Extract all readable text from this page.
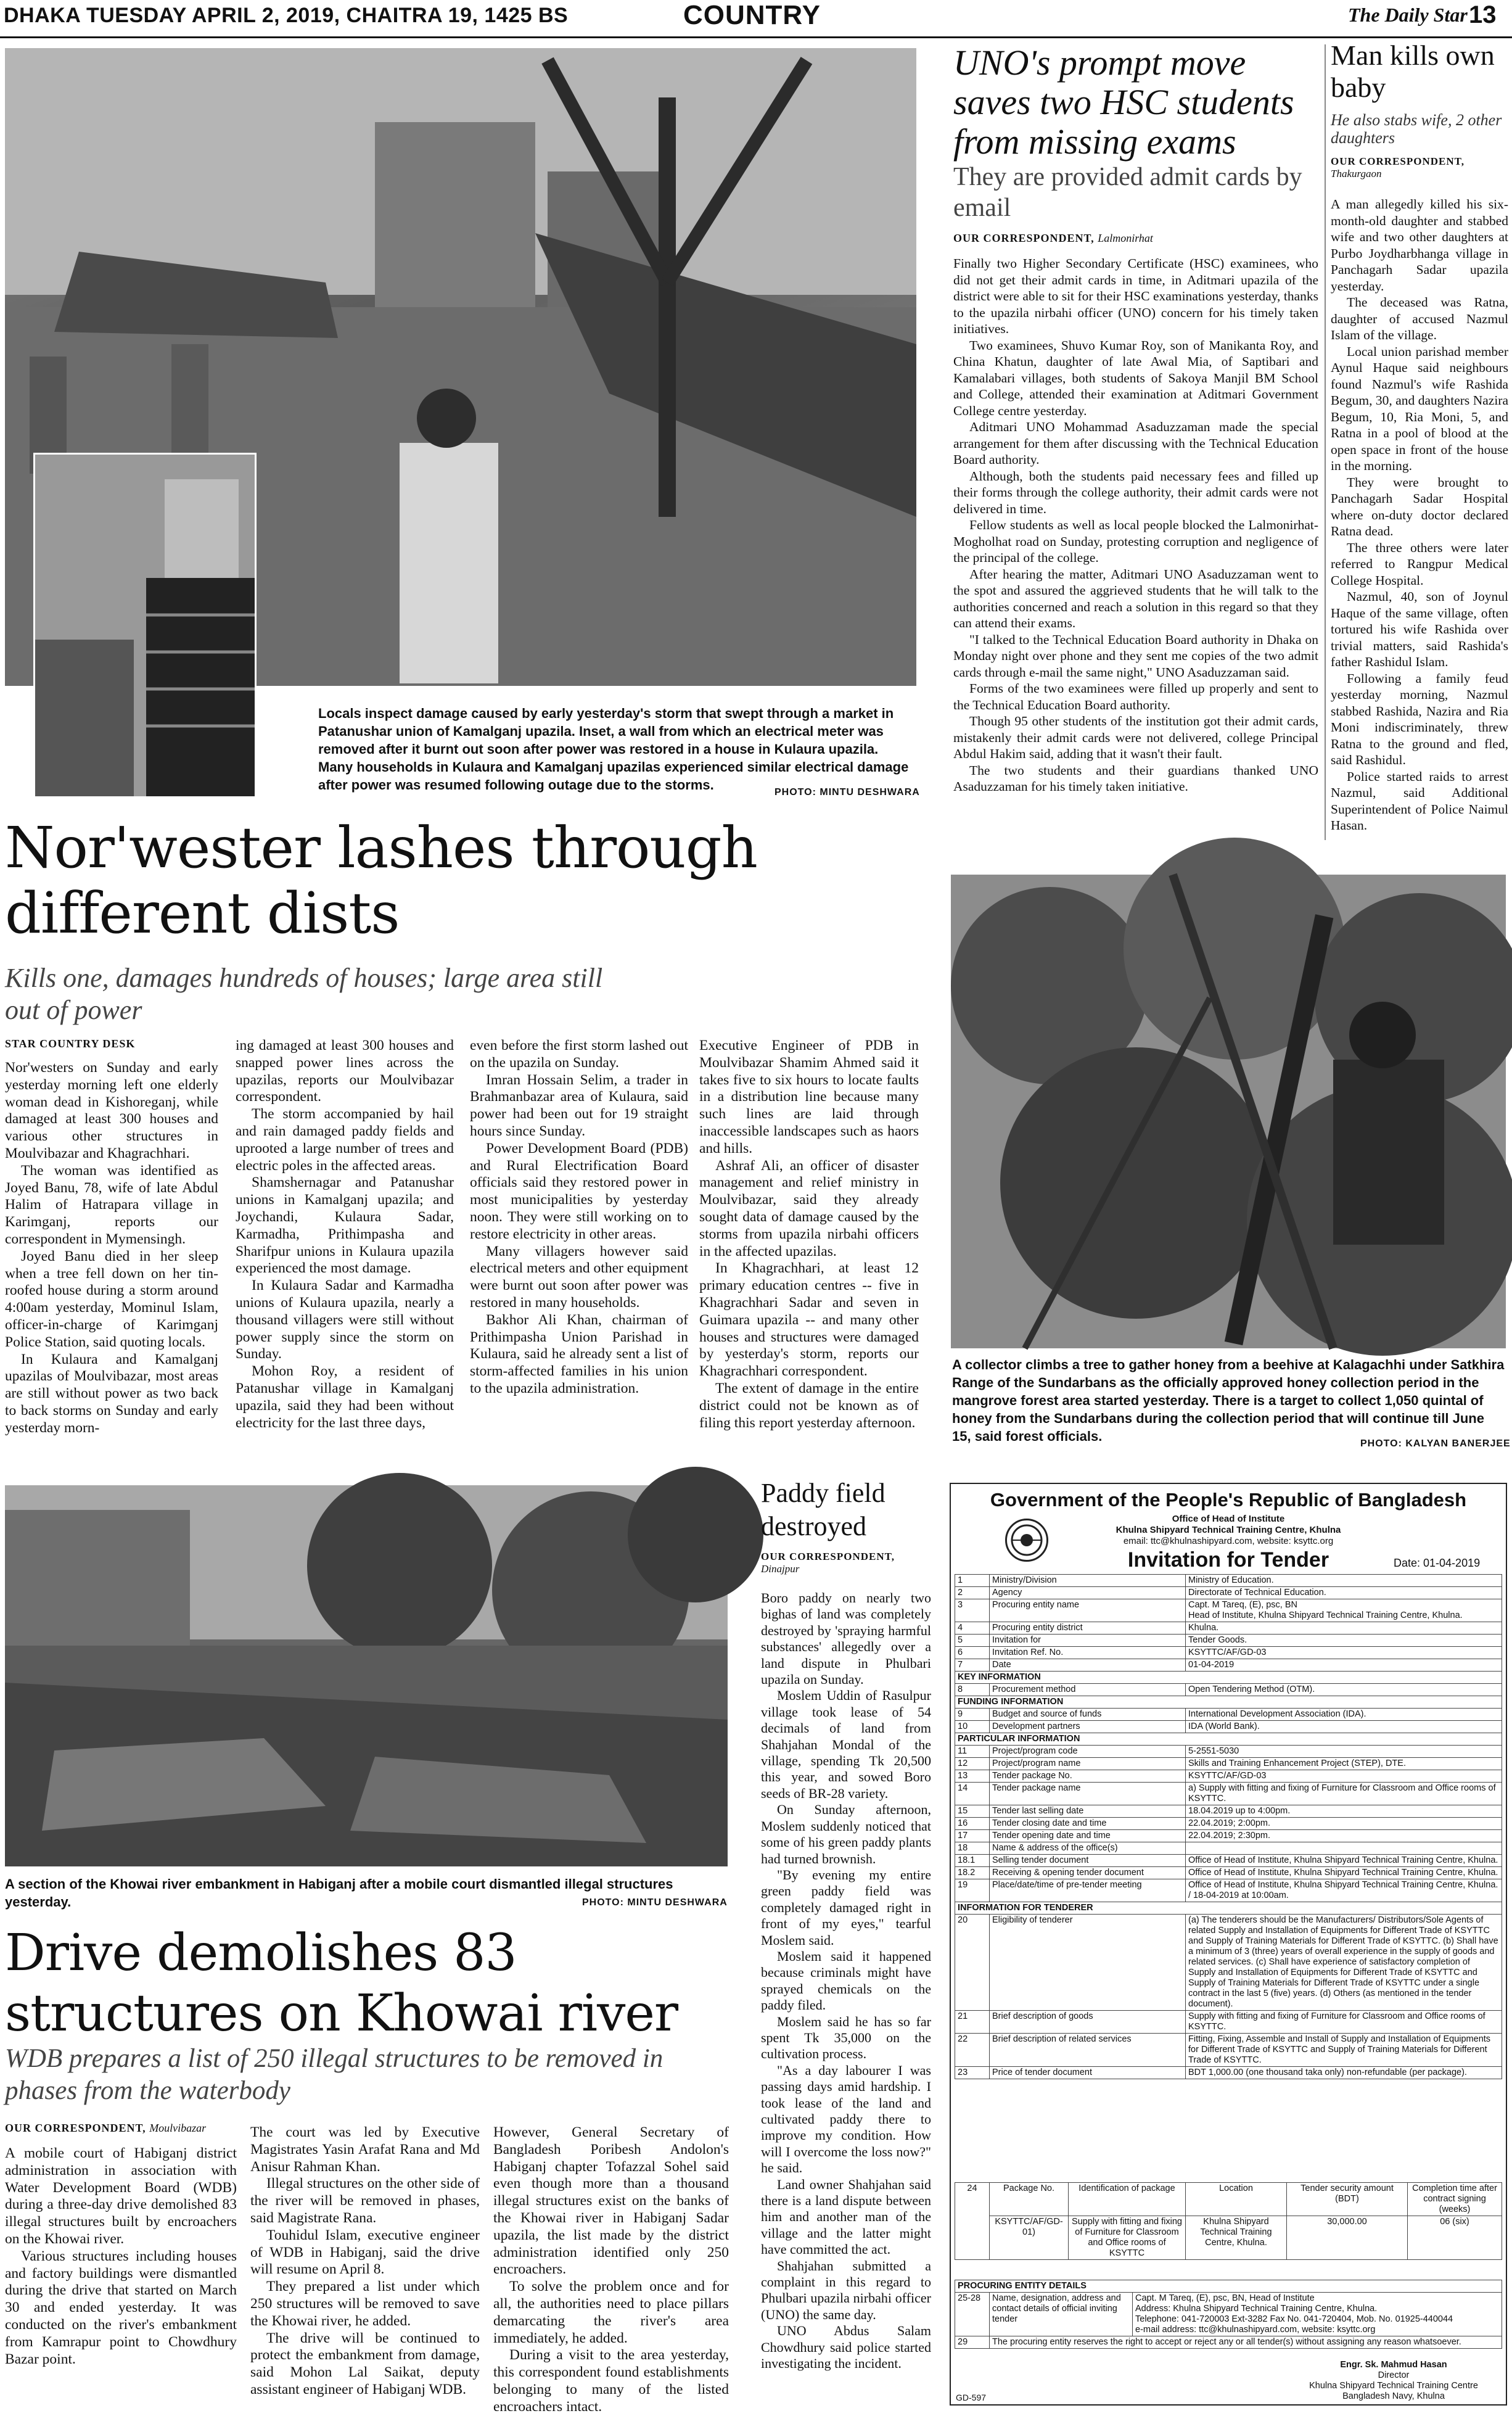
DHAKA TUESDAY APRIL 2, 2019, CHAITRA 19, 1425 BS	COUNTRY	The Daily Star 13
Locals inspect damage caused by early yesterday's storm that swept through a market in Patanushar union of Kamalganj upazila. Inset, a wall from which an electrical meter was removed after it burnt out soon after power was restored in a house in Kulaura upazila. Many households in Kulaura and Kamalganj upazilas experienced similar electrical damage after power was resumed following outage due to the storms.	PHOTO: MINTU DESHWARA
Nor'wester lashes through different dists
Kills one, damages hundreds of houses; large area still out of power
STAR COUNTRY DESK

Nor'westers on Sunday and early yesterday morning left one elderly woman dead in Kishoreganj, while damaged at least 300 houses and various other structures in Moulvibazar and Khagrachhari.

The woman was identified as Joyed Banu, 78, wife of late Abdul Halim of Hatrapara village in Karimganj, reports our correspondent in Mymensingh.

Joyed Banu died in her sleep when a tree fell down on her tin-roofed house during a storm around 4:00am yesterday, Mominul Islam, officer-in-charge of Karimganj Police Station, said quoting locals.

In Kulaura and Kamalganj upazilas of Moulvibazar, most areas are still without power as two back to back storms on Sunday and early yesterday morn-

ing damaged at least 300 houses and snapped power lines across the upazilas, reports our Moulvibazar correspondent.

The storm accompanied by hail and rain damaged paddy fields and uprooted a large number of trees and electric poles in the affected areas.

Shamshernagar and Patanushar unions in Kamalganj upazila; and Joychandi, Kulaura Sadar, Karmadha, Prithimpasha and Sharifpur unions in Kulaura upazila experienced the most damage.

In Kulaura Sadar and Karmadha unions of Kulaura upazila, nearly a thousand villagers were still without power supply since the storm on Sunday.

Mohon Roy, a resident of Patanushar village in Kamalganj upazila, said they had been without electricity for the last three days,

even before the first storm lashed out on the upazila on Sunday.

Imran Hossain Selim, a trader in Brahmanbazar area of Kulaura, said power had been out for 19 straight hours since Sunday.

Power Development Board (PDB) and Rural Electrification Board officials said they restored power in most municipalities by yesterday noon. They were still working on to restore electricity in other areas.

Many villagers however said electrical meters and other equipment were burnt out soon after power was restored in many households.

Bakhor Ali Khan, chairman of Prithimpasha Union Parishad in Kulaura, said he already sent a list of storm-affected families in his union to the upazila administration.

Executive Engineer of PDB in Moulvibazar Shamim Ahmed said it takes five to six hours to locate faults in a distribution line because many such lines are laid through inaccessible landscapes such as haors and hills.

Ashraf Ali, an officer of disaster management and relief ministry in Moulvibazar, said they already sought data of damage caused by the storms from upazila nirbahi officers in the affected upazilas.

In Khagrachhari, at least 12 primary education centres -- five in Khagrachhari Sadar and seven in Guimara upazila -- and many other houses and structures were damaged by yesterday's storm, reports our Khagrachhari correspondent.

The extent of damage in the entire district could not be known as of filing this report yesterday afternoon.

UNO's prompt move saves two HSC students from missing exams
They are provided admit cards by email
OUR CORRESPONDENT, Lalmonirhat

Finally two Higher Secondary Certificate (HSC) examinees, who did not get their admit cards in time, in Aditmari upazila of the district were able to sit for their HSC examinations yesterday, thanks to the upazila nirbahi officer (UNO) concern for his timely taken initiatives.

Two examinees, Shuvo Kumar Roy, son of Manikanta Roy, and China Khatun, daughter of late Awal Mia, of Saptibari and Kamalabari villages, both students of Sakoya Manjil BM School and College, attended their examination at Aditmari Government College centre yesterday.

Aditmari UNO Mohammad Asaduzzaman made the special arrangement for them after discussing with the Technical Education Board authority.

Although, both the students paid necessary fees and filled up their forms through the college authority, their admit cards were not delivered in time.

Fellow students as well as local people blocked the Lalmonirhat-Mogholhat road on Sunday, protesting corruption and negligence of the principal of the college.

After hearing the matter, Aditmari UNO Asaduzzaman went to the spot and assured the aggrieved students that he will talk to the authorities concerned and reach a solution in this regard so that they can attend their exams.

"I talked to the Technical Education Board authority in Dhaka on Monday night over phone and they sent me copies of the two admit cards through e-mail the same night," UNO Asaduzzaman said.

Forms of the two examinees were filled up properly and sent to the Technical Education Board authority.

Though 95 other students of the institution got their admit cards, mistakenly their admit cards were not delivered, college Principal Abdul Hakim said, adding that it wasn't their fault.

The two students and their guardians thanked UNO Asaduzzaman for his timely taken initiative.

Man kills own baby
He also stabs wife, 2 other daughters
OUR CORRESPONDENT,
Thakurgaon

A man allegedly killed his six-month-old daughter and stabbed wife and two other daughters at Purbo Joydharbhanga village in Panchagarh Sadar upazila yesterday.

The deceased was Ratna, daughter of accused Nazmul Islam of the village.

Local union parishad member Aynul Haque said neighbours found Nazmul's wife Rashida Begum, 30, and daughters Nazira Begum, 10, Ria Moni, 5, and Ratna in a pool of blood at the open space in front of the house in the morning.

They were brought to Panchagarh Sadar Hospital where on-duty doctor declared Ratna dead.

The three others were later referred to Rangpur Medical College Hospital.

Nazmul, 40, son of Joynul Haque of the same village, often tortured his wife Rashida over trivial matters, said Rashida's father Rashidul Islam.

Following a family feud yesterday morning, Nazmul stabbed Rashida, Nazira and Ria Moni indiscriminately, threw Ratna to the ground and fled, said Rashidul.

Police started raids to arrest Nazmul, said Additional Superintendent of Police Naimul Hasan.

A collector climbs a tree to gather honey from a beehive at Kalagachhi under Satkhira Range of the Sundarbans as the officially approved honey collection period in the mangrove forest area started yesterday. There is a target to collect 1,050 quintal of honey from the Sundarbans during the collection period that will continue till June 15, said forest officials.	PHOTO: KALYAN BANERJEE
A section of the Khowai river embankment in Habiganj after a mobile court dismantled illegal structures yesterday.	PHOTO: MINTU DESHWARA
Drive demolishes 83 structures on Khowai river
WDB prepares a list of 250 illegal structures to be removed in phases from the waterbody
OUR CORRESPONDENT, Moulvibazar

A mobile court of Habiganj district administration in association with Water Development Board (WDB) during a three-day drive demolished 83 illegal structures built by encroachers on the Khowai river.

Various structures including houses and factory buildings were dismantled during the drive that started on March 30 and ended yesterday. It was conducted on the river's embankment from Kamrapur point to Chowdhury Bazar point.

The court was led by Executive Magistrates Yasin Arafat Rana and Md Anisur Rahman Khan.

Illegal structures on the other side of the river will be removed in phases, said Magistrate Rana.

Touhidul Islam, executive engineer of WDB in Habiganj, said the drive will resume on April 8.

They prepared a list under which 250 structures will be removed to save the Khowai river, he added.

The drive will be continued to protect the embankment from damage, said Mohon Lal Saikat, deputy assistant engineer of Habiganj WDB.

However, General Secretary of Bangladesh Poribesh Andolon's Habiganj chapter Tofazzal Sohel said even though more than a thousand illegal structures exist on the banks of the Khowai river in Habiganj Sadar upazila, the list made by the district administration identified only 250 encroachers.

To solve the problem once and for all, the authorities need to place pillars demarcating the river's area immediately, he added.

During a visit to the area yesterday, this correspondent found establishments belonging to many of the listed encroachers intact.

Paddy field destroyed
OUR CORRESPONDENT,
Dinajpur

Boro paddy on nearly two bighas of land was completely destroyed by 'spraying harmful substances' allegedly over a land dispute in Phulbari upazila on Sunday.

Moslem Uddin of Rasulpur village took lease of 54 decimals of land from Shahjahan Mondal of the village, spending Tk 20,500 this year, and sowed Boro seeds of BR-28 variety.

On Sunday afternoon, Moslem suddenly noticed that some of his green paddy plants had turned brownish.

"By evening my entire green paddy field was completely damaged right in front of my eyes," tearful Moslem said.

Moslem said it happened because criminals might have sprayed chemicals on the paddy filed.

Moslem said he has so far spent Tk 35,000 on the cultivation process.

"As a day labourer I was passing days amid hardship. I took lease of the land and cultivated paddy there to improve my condition. How will I overcome the loss now?" he said.

Land owner Shahjahan said there is a land dispute between him and another man of the village and the latter might have committed the act.

Shahjahan submitted a complaint in this regard to Phulbari upazila nirbahi officer (UNO) the same day.

UNO Abdus Salam Chowdhury said police started investigating the incident.

Government of the People's Republic of Bangladesh
Office of Head of Institute
Khulna Shipyard Technical Training Centre, Khulna
email: ttc@khulnashipyard.com, website: ksyttc.org
Invitation for Tender	Date: 01-04-2019
1	Ministry/Division	Ministry of Education.
2	Agency	Directorate of Technical Education.
3	Procuring entity name	Capt. M Tareq, (E), psc, BN
Head of Institute, Khulna Shipyard Technical Training Centre, Khulna.
4	Procuring entity district	Khulna.
5	Invitation for	Tender Goods.
6	Invitation Ref. No.	KSYTTC/AF/GD-03
7	Date	01-04-2019
KEY INFORMATION		
8	Procurement method	Open Tendering Method (OTM).
FUNDING INFORMATION		
9	Budget and source of funds	International Development Association (IDA).
10	Development partners	IDA (World Bank).
PARTICULAR INFORMATION		
11	Project/program code	5-2551-5030
12	Project/program name	Skills and Training Enhancement Project (STEP), DTE.
13	Tender package No.	KSYTTC/AF/GD-03
14	Tender package name	a) Supply with fitting and fixing of Furniture for Classroom and Office rooms of KSYTTC.
15	Tender last selling date	18.04.2019 up to 4:00pm.
16	Tender closing date and time	22.04.2019; 2:00pm.
17	Tender opening date and time	22.04.2019; 2:30pm.
18	Name & address of the office(s)	
18.1	Selling tender document	Office of Head of Institute, Khulna Shipyard Technical Training Centre, Khulna.
18.2	Receiving & opening tender document	Office of Head of Institute, Khulna Shipyard Technical Training Centre, Khulna.
19	Place/date/time of pre-tender meeting	Office of Head of Institute, Khulna Shipyard Technical Training Centre, Khulna. / 18-04-2019 at 10:00am.
INFORMATION FOR TENDERER		
20	Eligibility of tenderer	(a) The tenderers should be the Manufacturers/ Distributors/Sole Agents of related Supply and Installation of Equipments for Different Trade of KSYTTC and Supply of Training Materials for Different Trade of KSYTTC. (b) Shall have a minimum of 3 (three) years of overall experience in the supply of goods and related services. (c) Shall have experience of satisfactory completion of Supply and Installation of Equipments for Different Trade of KSYTTC and Supply of Training Materials for Different Trade of KSYTTC under a single contract in the last 5 (five) years. (d) Others (as mentioned in the tender document).
21	Brief description of goods	Supply with fitting and fixing of Furniture for Classroom and Office rooms of KSYTTC.
22	Brief description of related services	Fitting, Fixing, Assemble and Install of Supply and Installation of Equipments for Different Trade of KSYTTC and Supply of Training Materials for Different Trade of KSYTTC.
23	Price of tender document	BDT 1,000.00 (one thousand taka only) non-refundable (per package).
24	Package No.	Identification of package	Location	Tender security amount (BDT)	Completion time after contract signing (weeks)
	KSYTTC/AF/GD-01)	Supply with fitting and fixing of Furniture for Classroom and Office rooms of KSYTTC	Khulna Shipyard Technical Training Centre, Khulna.	30,000.00	06 (six)
PROCURING ENTITY DETAILS		
25-28	Name, designation, address and contact details of official inviting tender	Capt. M Tareq, (E), psc, BN, Head of Institute
Address: Khulna Shipyard Technical Training Centre, Khulna.
Telephone: 041-720003 Ext-3282 Fax No. 041-720404, Mob. No. 01925-440044
e-mail address: ttc@khulnashipyard.com, website: ksyttc.org

29	The procuring entity reserves the right to accept or reject any or all tender(s) without assigning any reason whatsoever.	
Engr. Sk. Mahmud Hasan
Director
Khulna Shipyard Technical Training Centre
Bangladesh Navy, Khulna
GD-597
